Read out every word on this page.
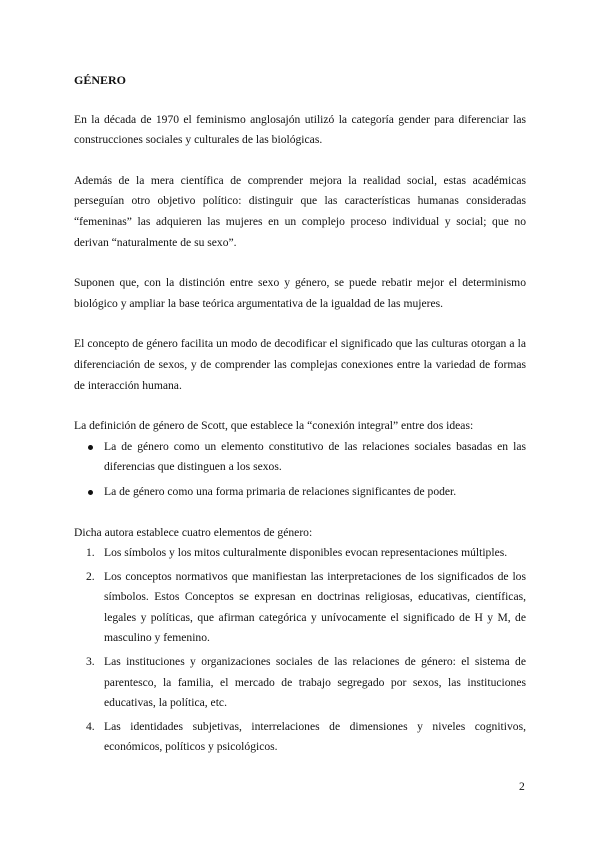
GÉNERO

En la década de 1970 el feminismo anglosajón utilizó la categoría gender para diferenciar las construcciones sociales y culturales de las biológicas.

Además de la mera científica de comprender mejora la realidad social, estas académicas perseguían otro objetivo político: distinguir que las características humanas consideradas “femeninas” las adquieren las mujeres en un complejo proceso individual y social; que no derivan “naturalmente de su sexo”.

Suponen que, con la distinción entre sexo y género, se puede rebatir mejor el determinismo biológico y ampliar la base teórica argumentativa de la igualdad de las mujeres.

El concepto de género facilita un modo de decodificar el significado que las culturas otorgan a la diferenciación de sexos, y de comprender las complejas conexiones entre la variedad de formas de interacción humana.

La definición de género de Scott, que establece la “conexión integral” entre dos ideas:

La de género como un elemento constitutivo de las relaciones sociales basadas en las diferencias que distinguen a los sexos.
La de género como una forma primaria de relaciones significantes de poder.

Dicha autora establece cuatro elementos de género:

1. Los símbolos y los mitos culturalmente disponibles evocan representaciones múltiples.
2. Los conceptos normativos que manifiestan las interpretaciones de los significados de los símbolos. Estos Conceptos se expresan en doctrinas religiosas, educativas, científicas, legales y políticas, que afirman categórica y unívocamente el significado de H y M, de masculino y femenino.
3. Las instituciones y organizaciones sociales de las relaciones de género: el sistema de parentesco, la familia, el mercado de trabajo segregado por sexos, las instituciones educativas, la política, etc.
4. Las identidades subjetivas, interrelaciones de dimensiones y niveles cognitivos, económicos, políticos y psicológicos.
2
